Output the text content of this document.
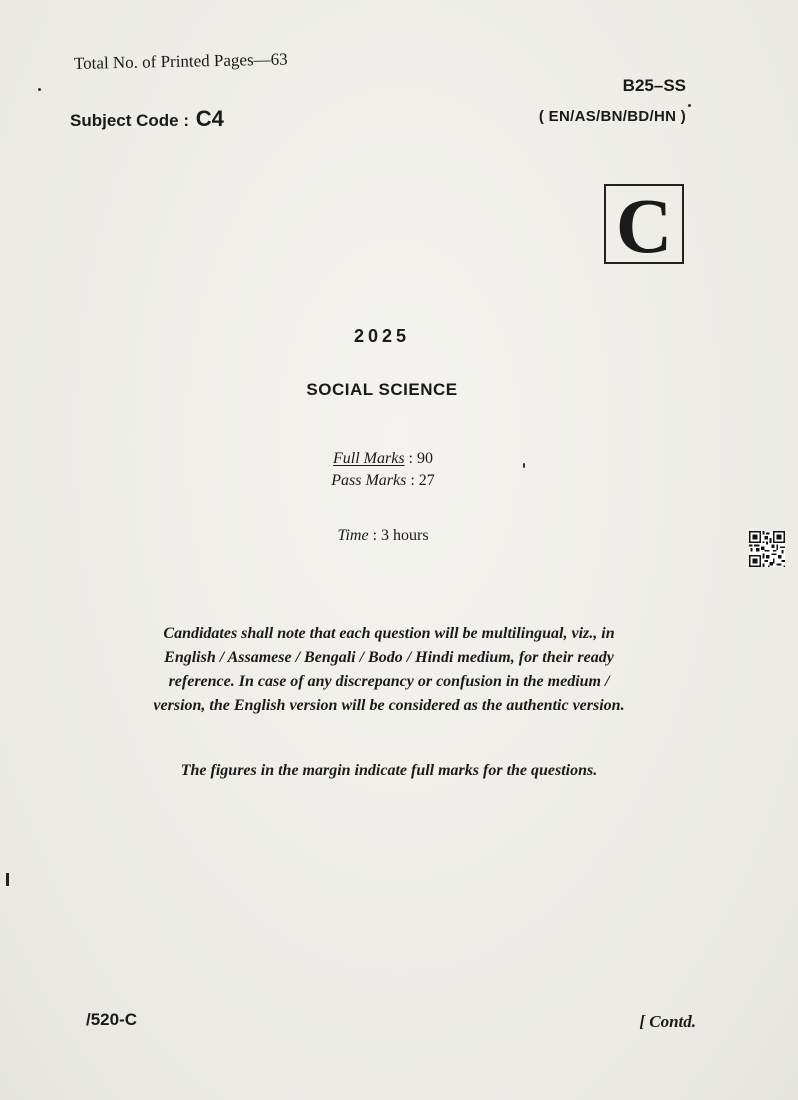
Total No. of Printed Pages—63
B25–SS
Subject Code : C4	( EN/AS/BN/BD/HN )
C
2025
SOCIAL SCIENCE
Full Marks : 90
Pass Marks : 27
Time : 3 hours
Candidates shall note that each question will be multilingual, viz., in
English / Assamese / Bengali / Bodo / Hindi medium, for their ready
reference. In case of any discrepancy or confusion in the medium /
version, the English version will be considered as the authentic version.
The figures in the margin indicate full marks for the questions.
/520-C	[ Contd.
